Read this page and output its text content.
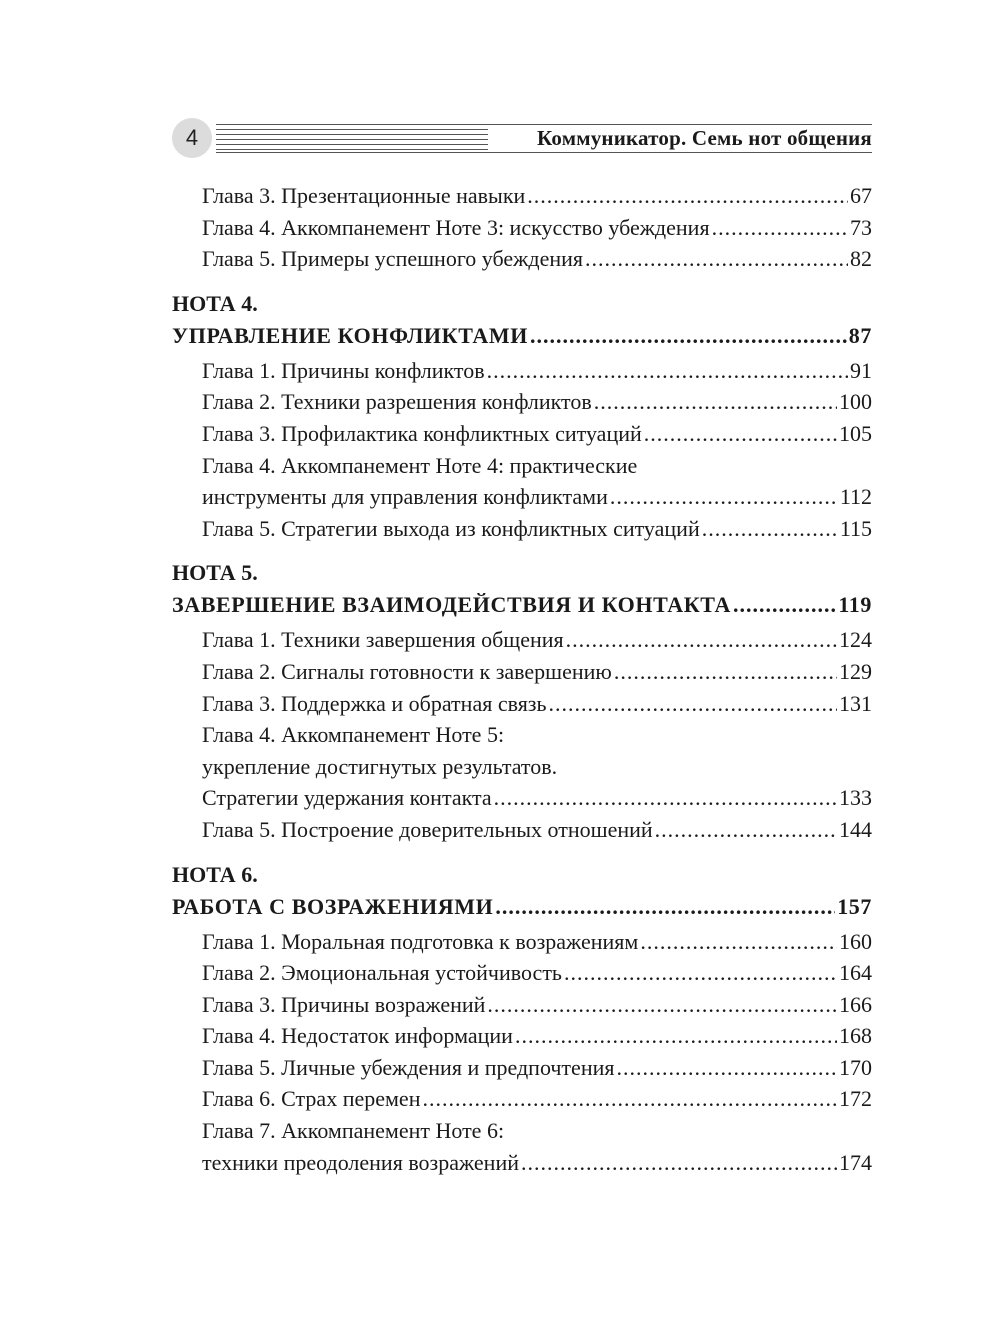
4	Коммуникатор. Семь нот общения
Глава 3. Презентационные навыки .....	67
Глава 4. Аккомпанемент Ноте 3: искусство убеждения .....	73
Глава 5. Примеры успешного убеждения .....	82
НОТА 4.
УПРАВЛЕНИЕ КОНФЛИКТАМИ .....	87
Глава 1. Причины конфликтов .....	91
Глава 2. Техники разрешения конфликтов .....	100
Глава 3. Профилактика конфликтных ситуаций .....	105
Глава 4. Аккомпанемент Ноте 4: практические
инструменты для управления конфликтами .....	112
Глава 5. Стратегии выхода из конфликтных ситуаций .....	115
НОТА 5.
ЗАВЕРШЕНИЕ ВЗАИМОДЕЙСТВИЯ И КОНТАКТА .....	119
Глава 1. Техники завершения общения .....	124
Глава 2. Сигналы готовности к завершению .....	129
Глава 3. Поддержка и обратная связь .....	131
Глава 4. Аккомпанемент Ноте 5:
укрепление достигнутых результатов.
Стратегии удержания контакта .....	133
Глава 5. Построение доверительных отношений .....	144
НОТА 6.
РАБОТА С ВОЗРАЖЕНИЯМИ .....	157
Глава 1. Моральная подготовка к возражениям .....	160
Глава 2. Эмоциональная устойчивость .....	164
Глава 3. Причины возражений .....	166
Глава 4. Недостаток информации .....	168
Глава 5. Личные убеждения и предпочтения .....	170
Глава 6. Страх перемен .....	172
Глава 7. Аккомпанемент Ноте 6:
техники преодоления возражений .....	174
